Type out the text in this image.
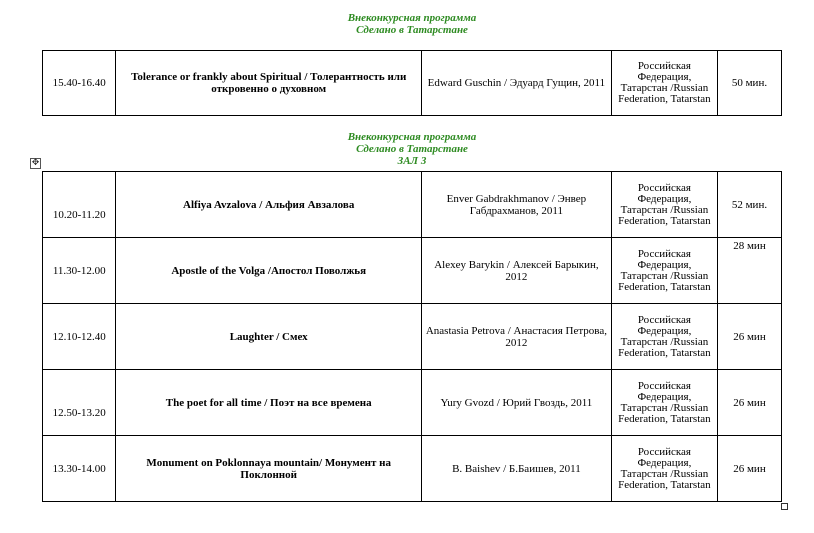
Внеконкурсная программа
Сделано в Татарстане
15.40-16.40	Tolerance or frankly about Spiritual / Толерантность или откровенно о духовном	Edward Guschin / Эдуард Гущин, 2011	Российская Федерация, Татарстан /Russian Federation, Tatarstan	50 мин.
Внеконкурсная программа
Сделано в Татарстане
ЗАЛ 3
✥
10.20-11.20	Alfiya Avzalova / Альфия Авзалова	Enver Gabdrakhmanov / Энвер Габдрахманов, 2011	Российская Федерация, Татарстан /Russian Federation, Tatarstan	52 мин.
11.30-12.00	Apostle of the Volga /Апостол Поволжья	Alexey Barykin / Алексей Барыкин, 2012	Российская Федерация, Татарстан /Russian Federation, Tatarstan	28 мин
12.10-12.40	Laughter / Смех	Anastasia Petrova / Анастасия Петрова, 2012	Российская Федерация, Татарстан /Russian Federation, Tatarstan	26 мин
12.50-13.20	The poet for all time / Поэт на все времена	Yury Gvozd / Юрий Гвоздь, 2011	Российская Федерация, Татарстан /Russian Federation, Tatarstan	26 мин
13.30-14.00	Monument on Poklonnaya mountain/ Монумент на Поклонной	B. Baishev / Б.Баишев, 2011	Российская Федерация, Татарстан /Russian Federation, Tatarstan	26 мин
